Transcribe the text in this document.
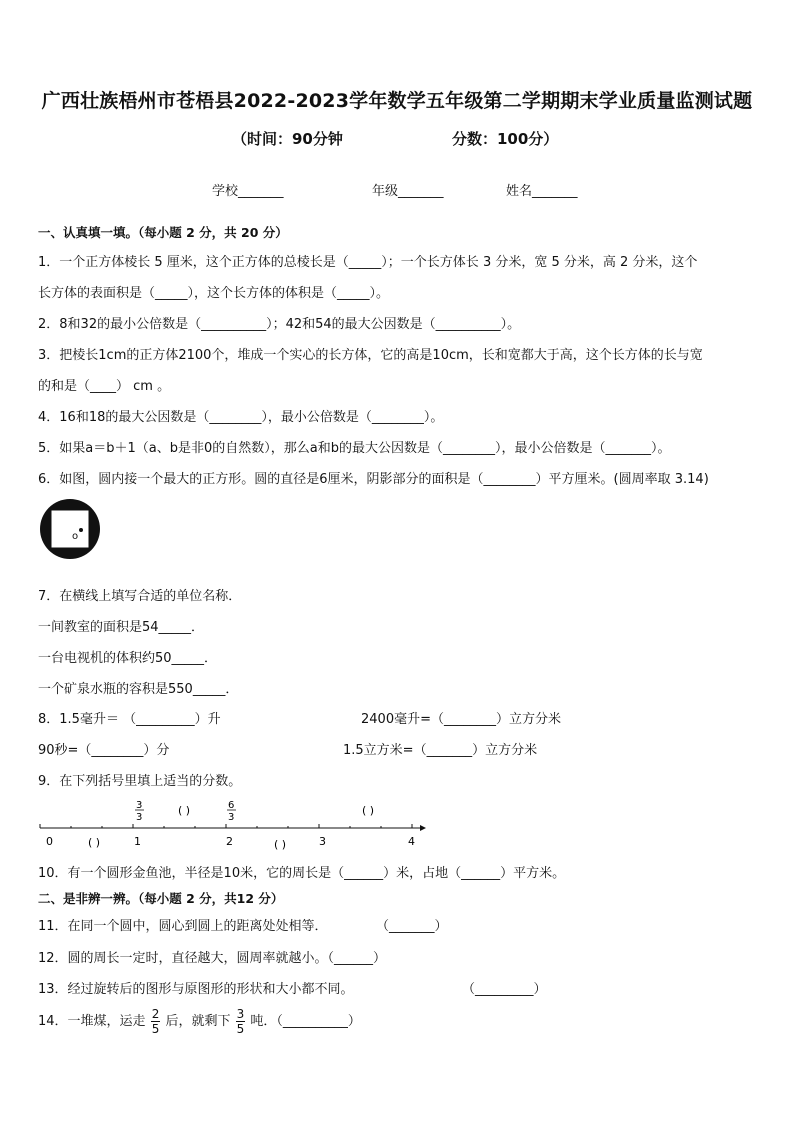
广西壮族梧州市苍梧县2022-2023学年数学五年级第二学期期末学业质量监测试题
（时间：90分钟	分数：100分）
学校_______	年级_______	姓名_______
一、认真填一填。（每小题 2 分，共 20 分）
1．一个正方体棱长 5 厘米，这个正方体的总棱长是（_____）；一个长方体长 3 分米，宽 5 分米，高 2 分米，这个
长方体的表面积是（_____），这个长方体的体积是（_____）。
2．8和32的最小公倍数是（__________）；42和54的最大公因数是（__________）。
3．把棱长1cm的正方体2100个，堆成一个实心的长方体，它的高是10cm，长和宽都大于高，这个长方体的长与宽
的和是（____） cm 。
4．16和18的最大公因数是（________），最小公倍数是（________）。
5．如果a＝b＋1（a、b是非0的自然数），那么a和b的最大公因数是（________），最小公倍数是（_______）。
6．如图，圆内接一个最大的正方形。圆的直径是6厘米，阴影部分的面积是（________）平方厘米。(圆周率取 3.14)
o
7．在横线上填写合适的单位名称．
一间教室的面积是54_____．
一台电视机的体积约50_____．
一个矿泉水瓶的容积是550_____．
8．1.5毫升＝ （_________）升	2400毫升=（________）立方分米
90秒=（________）分	1.5立方米=（_______）立方分米
9．在下列括号里填上适当的分数。
0	1	2	3	4
3
3
6
3
( )	( )
( )	( )
10．有一个圆形金鱼池，半径是10米，它的周长是（______）米，占地（______）平方米。
二、是非辨一辨。（每小题 2 分，共12 分）
11．在同一个圆中，圆心到圆上的距离处处相等．	（_______）
12．圆的周长一定时，直径越大，圆周率就越小。（______）
13．经过旋转后的图形与原图形的形状和大小都不同。	（_________）
14．一堆煤，运走 $\frac{2}{5}$ 后，就剩下 $\frac{3}{5}$ 吨．（__________）
